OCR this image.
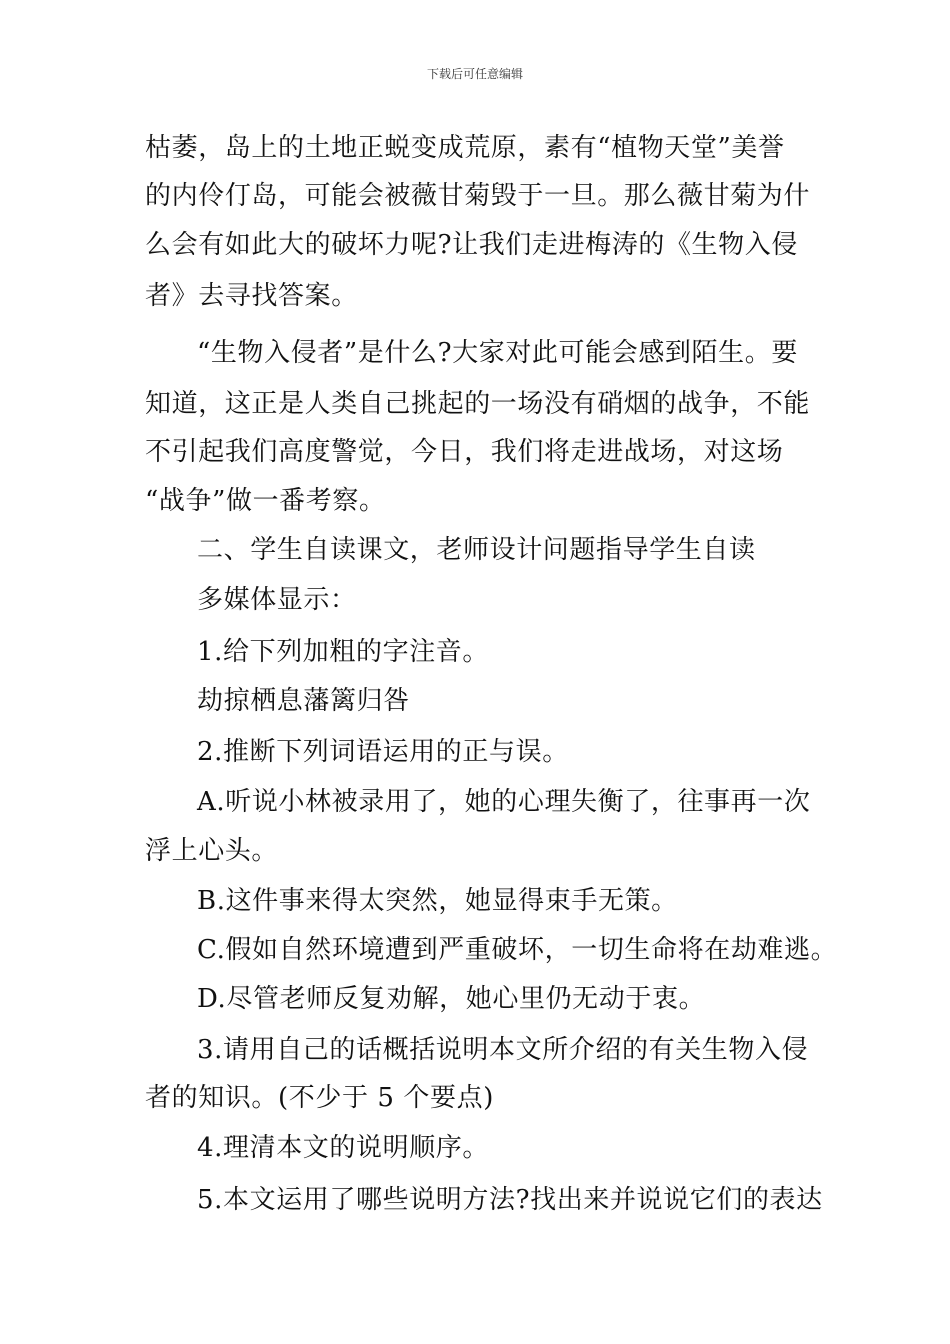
下载后可任意编辑
枯萎，岛上的土地正蜕变成荒原，素有“植物天堂”美誉
的内伶仃岛，可能会被薇甘菊毁于一旦。那么薇甘菊为什
么会有如此大的破坏力呢?让我们走进梅涛的《生物入侵
者》去寻找答案。
“生物入侵者”是什么?大家对此可能会感到陌生。要
知道，这正是人类自己挑起的一场没有硝烟的战争，不能
不引起我们高度警觉，今日，我们将走进战场，对这场
“战争”做一番考察。
二、学生自读课文，老师设计问题指导学生自读
多媒体显示：
1.给下列加粗的字注音。
劫掠栖息藩篱归咎
2.推断下列词语运用的正与误。
A.听说小林被录用了，她的心理失衡了，往事再一次
浮上心头。
B.这件事来得太突然，她显得束手无策。
C.假如自然环境遭到严重破坏，一切生命将在劫难逃。
D.尽管老师反复劝解，她心里仍无动于衷。
3.请用自己的话概括说明本文所介绍的有关生物入侵
者的知识。(不少于 5 个要点)
4.理清本文的说明顺序。
5.本文运用了哪些说明方法?找出来并说说它们的表达
